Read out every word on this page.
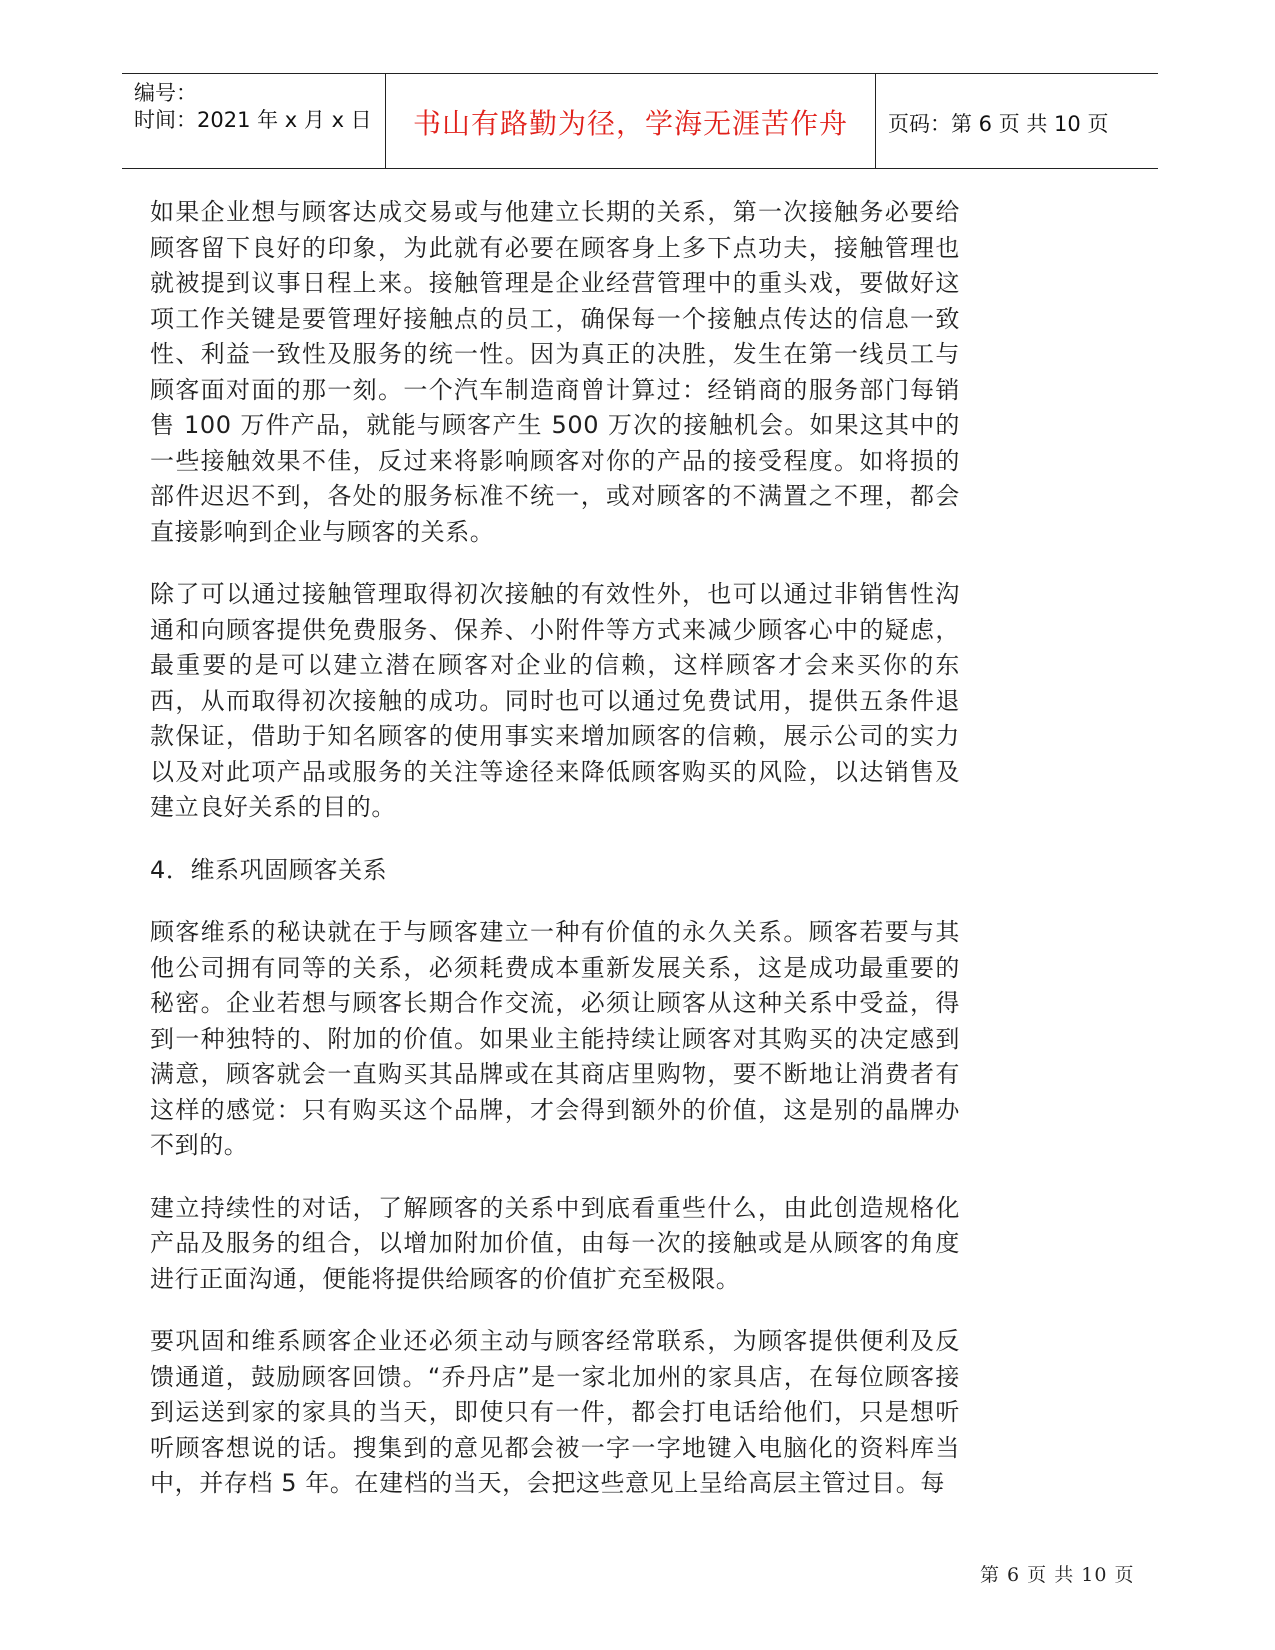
编号：
时间：2021 年 x 月 x 日	书山有路勤为径，学海无涯苦作舟	页码：第 6 页 共 10 页

如果企业想与顾客达成交易或与他建立长期的关系，第一次接触务必要给顾客留下良好的印象，为此就有必要在顾客身上多下点功夫，接触管理也就被提到议事日程上来。接触管理是企业经营管理中的重头戏，要做好这项工作关键是要管理好接触点的员工，确保每一个接触点传达的信息一致性、利益一致性及服务的统一性。因为真正的决胜，发生在第一线员工与顾客面对面的那一刻。一个汽车制造商曾计算过：经销商的服务部门每销售 100 万件产品，就能与顾客产生 500 万次的接触机会。如果这其中的一些接触效果不佳，反过来将影响顾客对你的产品的接受程度。如将损的部件迟迟不到，各处的服务标准不统一，或对顾客的不满置之不理，都会直接影响到企业与顾客的关系。

除了可以通过接触管理取得初次接触的有效性外，也可以通过非销售性沟通和向顾客提供免费服务、保养、小附件等方式来减少顾客心中的疑虑，最重要的是可以建立潜在顾客对企业的信赖，这样顾客才会来买你的东西，从而取得初次接触的成功。同时也可以通过免费试用，提供五条件退款保证，借助于知名顾客的使用事实来增加顾客的信赖，展示公司的实力以及对此项产品或服务的关注等途径来降低顾客购买的风险，以达销售及建立良好关系的目的。

4．维系巩固顾客关系

顾客维系的秘诀就在于与顾客建立一种有价值的永久关系。顾客若要与其他公司拥有同等的关系，必须耗费成本重新发展关系，这是成功最重要的秘密。企业若想与顾客长期合作交流，必须让顾客从这种关系中受益，得到一种独特的、附加的价值。如果业主能持续让顾客对其购买的决定感到满意，顾客就会一直购买其品牌或在其商店里购物，要不断地让消费者有这样的感觉：只有购买这个品牌，才会得到额外的价值，这是别的晶牌办不到的。

建立持续性的对话，了解顾客的关系中到底看重些什么，由此创造规格化产品及服务的组合，以增加附加价值，由每一次的接触或是从顾客的角度进行正面沟通，便能将提供给顾客的价值扩充至极限。

要巩固和维系顾客企业还必须主动与顾客经常联系，为顾客提供便利及反馈通道，鼓励顾客回馈。“乔丹店”是一家北加州的家具店，在每位顾客接到运送到家的家具的当天，即使只有一件，都会打电话给他们，只是想听听顾客想说的话。搜集到的意见都会被一字一字地键入电脑化的资料库当中，并存档 5 年。在建档的当天，会把这些意见上呈给高层主管过目。每

第 6 页 共 10 页
